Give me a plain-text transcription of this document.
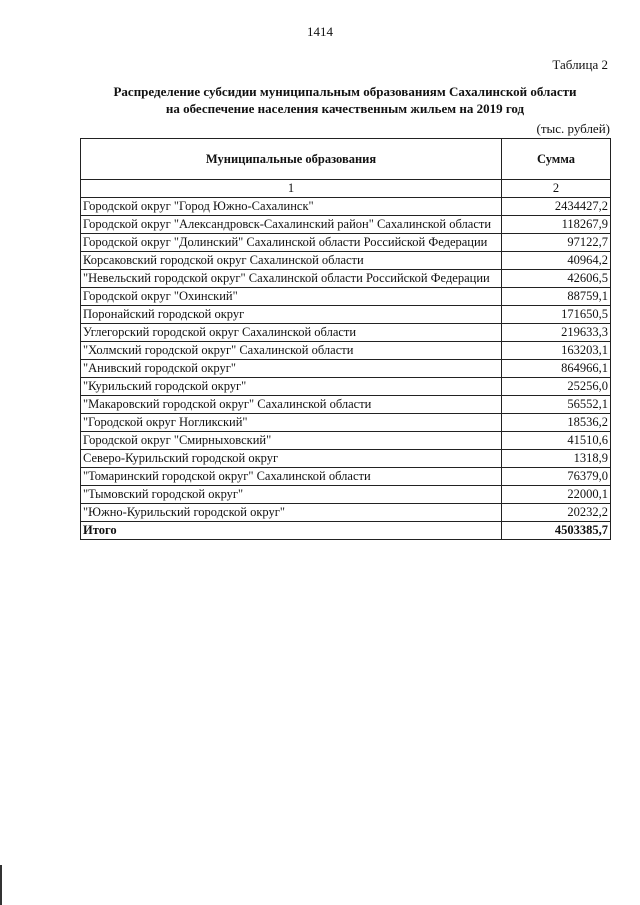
1414
Таблица 2
Распределение субсидии муниципальным образованиям Сахалинской области
на обеспечение населения качественным жильем на 2019 год
(тыс. рублей)
Муниципальные образования	Сумма
1	2
Городской округ "Город Южно-Сахалинск"	2434427,2
Городской округ "Александровск-Сахалинский район" Сахалинской области	118267,9
Городской округ "Долинский" Сахалинской области Российской Федерации	97122,7
Корсаковский городской округ Сахалинской области	40964,2
"Невельский городской округ" Сахалинской области Российской Федерации	42606,5
Городской округ "Охинский"	88759,1
Поронайский городской округ	171650,5
Углегорский городской округ Сахалинской области	219633,3
"Холмский городской округ" Сахалинской области	163203,1
"Анивский городской округ"	864966,1
"Курильский городской округ"	25256,0
"Макаровский городской округ" Сахалинской области	56552,1
"Городской округ Ногликский"	18536,2
Городской округ "Смирныховский"	41510,6
Северо-Курильский городской округ	1318,9
"Томаринский городской округ" Сахалинской области	76379,0
"Тымовский городской округ"	22000,1
"Южно-Курильский городской округ"	20232,2
Итого	4503385,7
